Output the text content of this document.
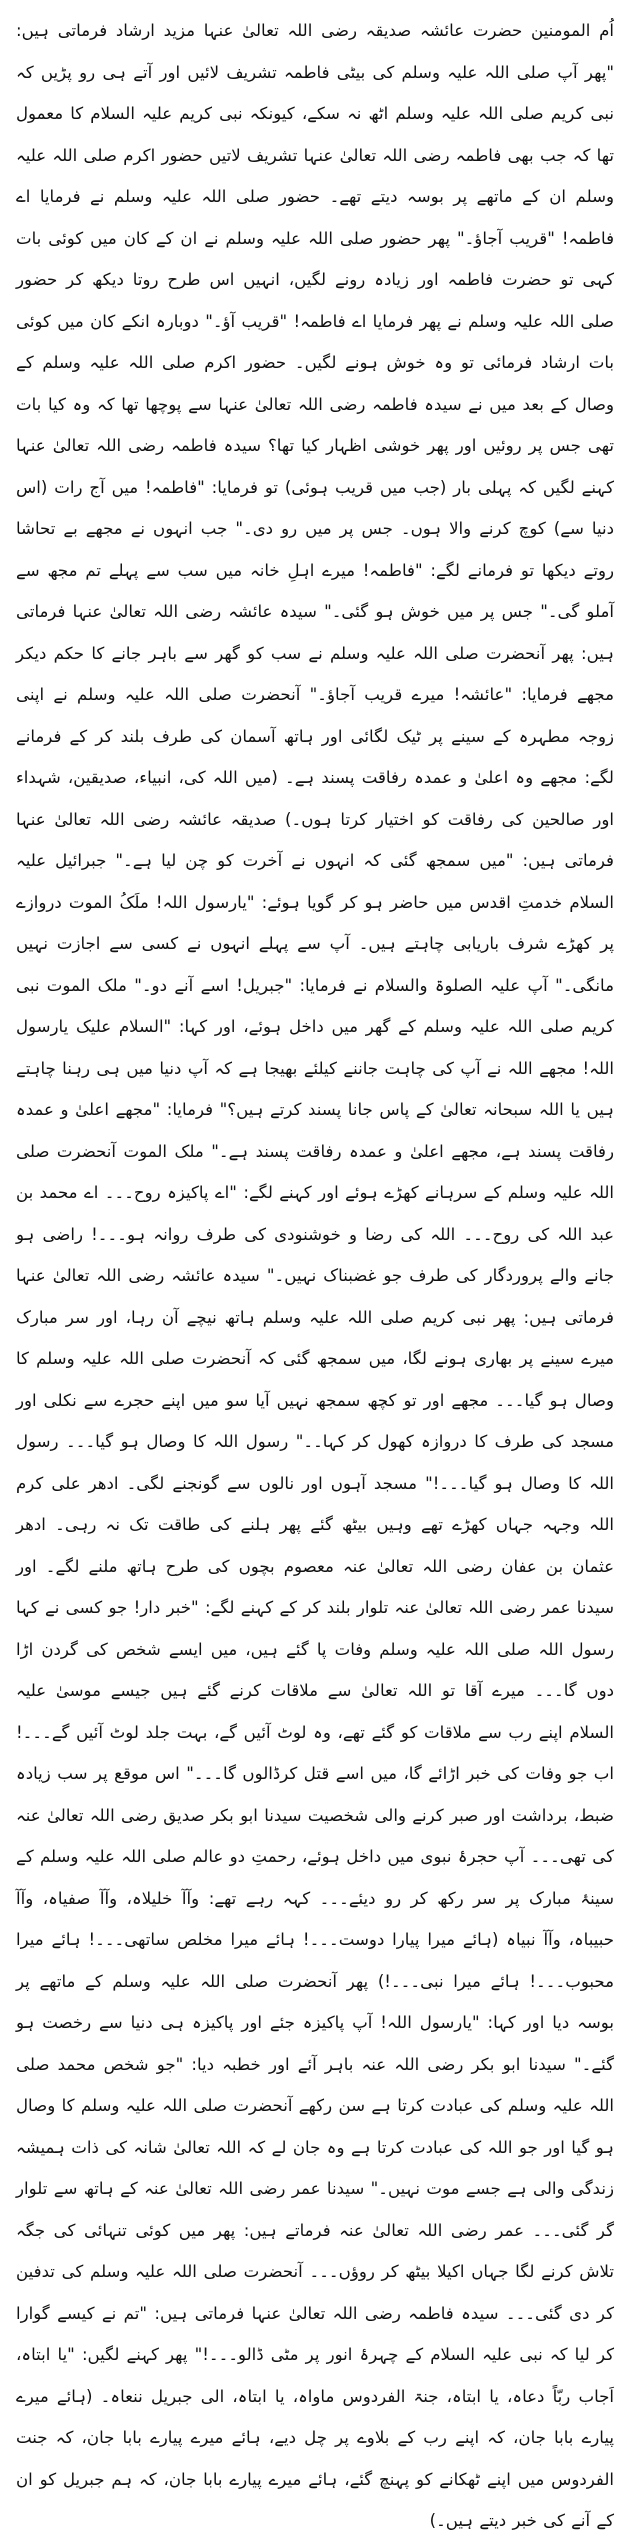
اُم المومنین حضرت عائشہ صدیقہ رضی اللہ تعالیٰ عنہا مزید ارشاد فرماتی ہیں: "پھر آپ صلی اللہ علیہ وسلم کی بیٹی فاطمہ تشریف لائیں اور آتے ہی رو پڑیں کہ نبی کریم صلی اللہ علیہ وسلم اٹھ نہ سکے، کیونکہ نبی کریم علیہ السلام کا معمول تھا کہ جب بھی فاطمہ رضی اللہ تعالیٰ عنہا تشریف لاتیں حضور اکرم صلی اللہ علیہ وسلم ان کے ماتھے پر بوسہ دیتے تھے۔ حضور صلی اللہ علیہ وسلم نے فرمایا اے فاطمہ! "قریب آجاؤ۔" پھر حضور صلی اللہ علیہ وسلم نے ان کے کان میں کوئی بات کہی تو حضرت فاطمہ اور زیادہ رونے لگیں، انہیں اس طرح روتا دیکھ کر حضور صلی اللہ علیہ وسلم نے پھر فرمایا اے فاطمہ! "قریب آؤ۔" دوبارہ انکے کان میں کوئی بات ارشاد فرمائی تو وہ خوش ہونے لگیں۔ حضور اکرم صلی اللہ علیہ وسلم کے وصال کے بعد میں نے سیدہ فاطمہ رضی اللہ تعالیٰ عنہا سے پوچھا تھا کہ وہ کیا بات تھی جس پر روئیں اور پھر خوشی اظہار کیا تھا؟ سیدہ فاطمہ رضی اللہ تعالیٰ عنہا کہنے لگیں کہ پہلی بار (جب میں قریب ہوئی) تو فرمایا: "فاطمہ! میں آج رات (اس دنیا سے) کوچ کرنے والا ہوں۔ جس پر میں رو دی۔" جب انہوں نے مجھے بے تحاشا روتے دیکھا تو فرمانے لگے: "فاطمہ! میرے اہلِ خانہ میں سب سے پہلے تم مجھ سے آملو گی۔" جس پر میں خوش ہو گئی۔" سیدہ عائشہ رضی اللہ تعالیٰ عنہا فرماتی ہیں: پھر آنحضرت صلی اللہ علیہ وسلم نے سب کو گھر سے باہر جانے کا حکم دیکر مجھے فرمایا: "عائشہ! میرے قریب آجاؤ۔" آنحضرت صلی اللہ علیہ وسلم نے اپنی زوجہ مطہرہ کے سینے پر ٹیک لگائی اور ہاتھ آسمان کی طرف بلند کر کے فرمانے لگے: مجھے وہ اعلیٰ و عمدہ رفاقت پسند ہے۔ (میں اللہ کی، انبیاء، صدیقین، شہداء اور صالحین کی رفاقت کو اختیار کرتا ہوں۔) صدیقہ عائشہ رضی اللہ تعالیٰ عنہا فرماتی ہیں: "میں سمجھ گئی کہ انہوں نے آخرت کو چن لیا ہے۔" جبرائیل علیہ السلام خدمتِ اقدس میں حاضر ہو کر گویا ہوئے: "یارسول اللہ! ملَکُ الموت دروازے پر کھڑے شرف باریابی چاہتے ہیں۔ آپ سے پہلے انہوں نے کسی سے اجازت نہیں مانگی۔" آپ علیہ الصلوۃ والسلام نے فرمایا: "جبریل! اسے آنے دو۔" ملک الموت نبی کریم صلی اللہ علیہ وسلم کے گھر میں داخل ہوئے، اور کہا: "السلام علیک یارسول اللہ! مجھے اللہ نے آپ کی چاہت جاننے کیلئے بھیجا ہے کہ آپ دنیا میں ہی رہنا چاہتے ہیں یا اللہ سبحانہ تعالیٰ کے پاس جانا پسند کرتے ہیں؟" فرمایا: "مجھے اعلیٰ و عمدہ رفاقت پسند ہے، مجھے اعلیٰ و عمدہ رفاقت پسند ہے۔" ملک الموت آنحضرت صلی اللہ علیہ وسلم کے سرہانے کھڑے ہوئے اور کہنے لگے: "اے پاکیزہ روح۔۔۔ اے محمد بن عبد اللہ کی روح۔۔۔ اللہ کی رضا و خوشنودی کی طرف روانہ ہو۔۔۔! راضی ہو جانے والے پروردگار کی طرف جو غضبناک نہیں۔" سیدہ عائشہ رضی اللہ تعالیٰ عنہا فرماتی ہیں: پھر نبی کریم صلی اللہ علیہ وسلم ہاتھ نیچے آن رہا، اور سر مبارک میرے سینے پر بھاری ہونے لگا، میں سمجھ گئی کہ آنحضرت صلی اللہ علیہ وسلم کا وصال ہو گیا۔۔۔ مجھے اور تو کچھ سمجھ نہیں آیا سو میں اپنے حجرے سے نکلی اور مسجد کی طرف کا دروازہ کھول کر کہا۔۔" رسول اللہ کا وصال ہو گیا۔۔۔ رسول اللہ کا وصال ہو گیا۔۔۔!" مسجد آہوں اور نالوں سے گونجنے لگی۔ ادھر علی کرم اللہ وجہہ جہاں کھڑے تھے وہیں بیٹھ گئے پھر ہلنے کی طاقت تک نہ رہی۔ ادھر عثمان بن عفان رضی اللہ تعالیٰ عنہ معصوم بچوں کی طرح ہاتھ ملنے لگے۔ اور سیدنا عمر رضی اللہ تعالیٰ عنہ تلوار بلند کر کے کہنے لگے: "خبر دار! جو کسی نے کہا رسول اللہ صلی اللہ علیہ وسلم وفات پا گئے ہیں، میں ایسے شخص کی گردن اڑا دوں گا۔۔۔ میرے آقا تو اللہ تعالیٰ سے ملاقات کرنے گئے ہیں جیسے موسیٰ علیہ السلام اپنے رب سے ملاقات کو گئے تھے، وہ لوٹ آئیں گے، بہت جلد لوٹ آئیں گے۔۔۔! اب جو وفات کی خبر اڑائے گا، میں اسے قتل کرڈالوں گا۔۔۔" اس موقع پر سب زیادہ ضبط، برداشت اور صبر کرنے والی شخصیت سیدنا ابو بکر صدیق رضی اللہ تعالیٰ عنہ کی تھی۔۔۔ آپ حجرۂ نبوی میں داخل ہوئے، رحمتِ دو عالم صلی اللہ علیہ وسلم کے سینۂ مبارک پر سر رکھ کر رو دیئے۔۔۔ کہہ رہے تھے: وآآ خلیلاہ، وآآ صفیاہ، وآآ حبیباہ، وآآ نبیاہ (ہائے میرا پیارا دوست۔۔۔! ہائے میرا مخلص ساتھی۔۔۔! ہائے میرا محبوب۔۔۔! ہائے میرا نبی۔۔۔!) پھر آنحضرت صلی اللہ علیہ وسلم کے ماتھے پر بوسہ دیا اور کہا: "یارسول اللہ! آپ پاکیزہ جئے اور پاکیزہ ہی دنیا سے رخصت ہو گئے۔" سیدنا ابو بکر رضی اللہ عنہ باہر آئے اور خطبہ دیا: "جو شخص محمد صلی اللہ علیہ وسلم کی عبادت کرتا ہے سن رکھے آنحضرت صلی اللہ علیہ وسلم کا وصال ہو گیا اور جو اللہ کی عبادت کرتا ہے وہ جان لے کہ اللہ تعالیٰ شانہ کی ذات ہمیشہ زندگی والی ہے جسے موت نہیں۔" سیدنا عمر رضی اللہ تعالیٰ عنہ کے ہاتھ سے تلوار گر گئی۔۔۔ عمر رضی اللہ تعالیٰ عنہ فرماتے ہیں: پھر میں کوئی تنہائی کی جگہ تلاش کرنے لگا جہاں اکیلا بیٹھ کر روؤں۔۔۔ آنحضرت صلی اللہ علیہ وسلم کی تدفین کر دی گئی۔۔۔ سیدہ فاطمہ رضی اللہ تعالیٰ عنہا فرماتی ہیں: "تم نے کیسے گوارا کر لیا کہ نبی علیہ السلام کے چہرۂ انور پر مٹی ڈالو۔۔۔!" پھر کہنے لگیں: "یا ابتاہ، اَجاب ربّاً دعاہ، یا ابتاہ، جنۃ الفردوس ماواہ، یا ابتاہ، الی جبریل ننعاہ۔ (ہائے میرے پیارے بابا جان، کہ اپنے رب کے بلاوے پر چل دیے، ہائے میرے پیارے بابا جان، کہ جنت الفردوس میں اپنے ٹھکانے کو پہنچ گئے، ہائے میرے پیارے بابا جان، کہ ہم جبریل کو ان کے آنے کی خبر دیتے ہیں۔)
